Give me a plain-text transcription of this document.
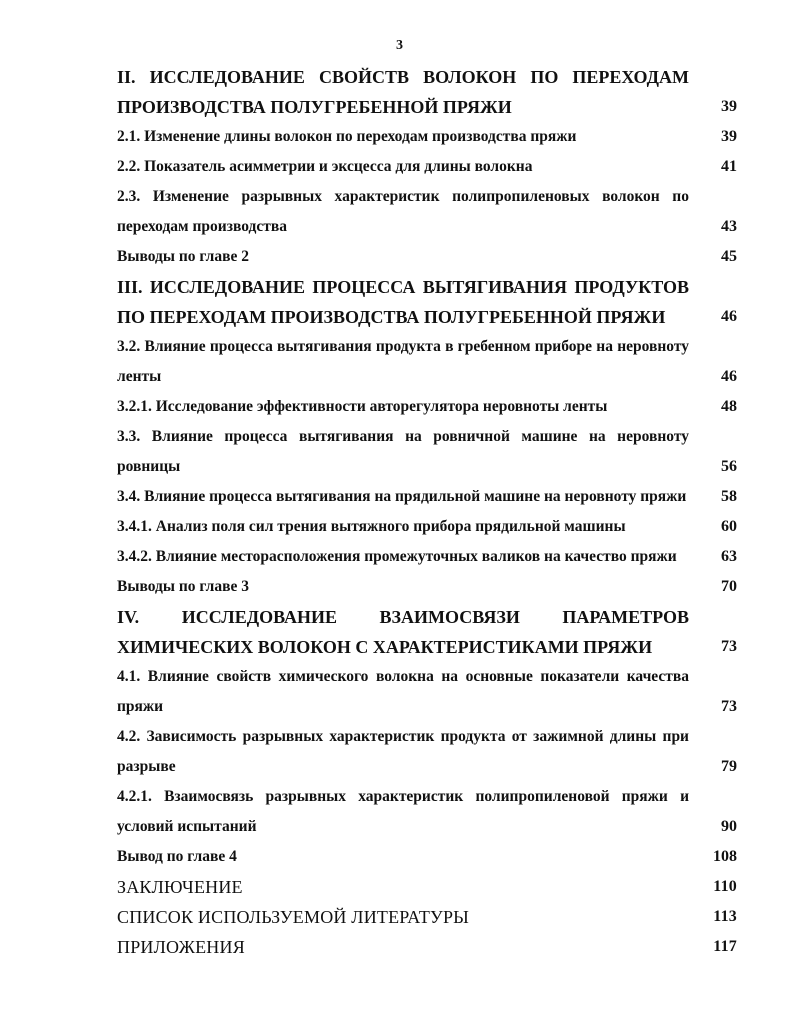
3
II. ИССЛЕДОВАНИЕ СВОЙСТВ ВОЛОКОН ПО ПЕРЕХОДАМ ПРОИЗВОДСТВА ПОЛУГРЕБЕННОЙ ПРЯЖИ	39
2.1. Изменение длины волокон по переходам производства пряжи	39
2.2. Показатель асимметрии и эксцесса для длины волокна	41
2.3. Изменение разрывных характеристик полипропиленовых волокон по переходам производства	43
Выводы по главе 2	45
III. ИССЛЕДОВАНИЕ ПРОЦЕССА ВЫТЯГИВАНИЯ ПРОДУКТОВ ПО ПЕРЕХОДАМ ПРОИЗВОДСТВА ПОЛУГРЕБЕННОЙ ПРЯЖИ	46
3.2. Влияние процесса вытягивания продукта в гребенном приборе на неровноту ленты	46
3.2.1. Исследование эффективности авторегулятора неровноты ленты	48
3.3. Влияние процесса вытягивания на ровничной машине на неровноту ровницы	56
3.4. Влияние процесса вытягивания на прядильной машине на неровноту пряжи 58
3.4.1. Анализ поля сил трения вытяжного прибора прядильной машины	60
3.4.2. Влияние месторасположения промежуточных валиков на качество пряжи	63
Выводы по главе 3	70
IV. ИССЛЕДОВАНИЕ ВЗАИМОСВЯЗИ ПАРАМЕТРОВ ХИМИЧЕСКИХ ВОЛОКОН С ХАРАКТЕРИСТИКАМИ ПРЯЖИ	73
4.1. Влияние свойств химического волокна на основные показатели качества пряжи	73
4.2. Зависимость разрывных характеристик продукта от зажимной длины при разрыве	79
4.2.1. Взаимосвязь разрывных характеристик полипропиленовой пряжи и условий испытаний	90
Вывод по главе 4	108
ЗАКЛЮЧЕНИЕ	110
СПИСОК ИСПОЛЬЗУЕМОЙ ЛИТЕРАТУРЫ	113
ПРИЛОЖЕНИЯ	117
